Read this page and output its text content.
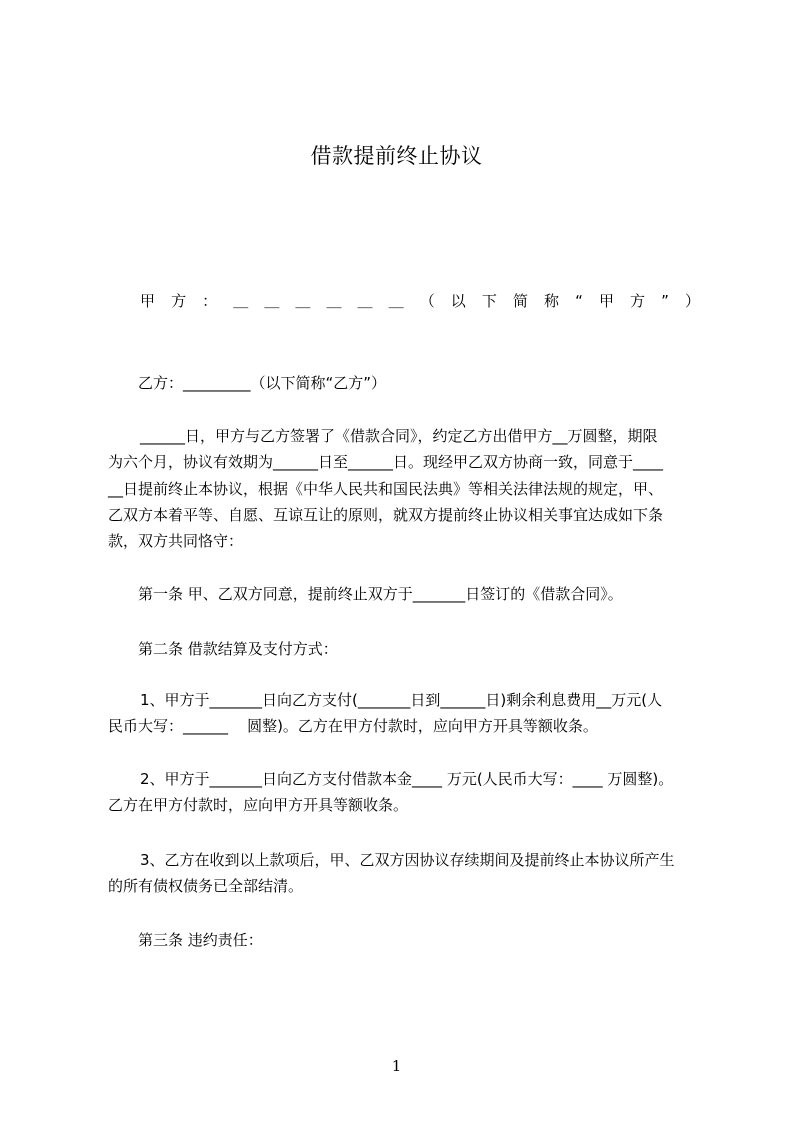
借款提前终止协议
甲 方 ： ＿ ＿ ＿ ＿ ＿ ＿ （ 以 下 简 称 “ 甲 方 ” ）
乙方：_________（以下简称“乙方”）
______日，甲方与乙方签署了《借款合同》，约定乙方出借甲方__万圆整，期限
为六个月，协议有效期为______日至______日。现经甲乙双方协商一致，同意于____
__日提前终止本协议，根据《中华人民共和国民法典》等相关法律法规的规定，甲、
乙双方本着平等、自愿、互谅互让的原则，就双方提前终止协议相关事宜达成如下条
款，双方共同恪守：
第一条 甲、乙双方同意，提前终止双方于_______日签订的《借款合同》。
第二条 借款结算及支付方式：
1、甲方于_______日向乙方支付(_______日到______日)剩余利息费用__万元(人
民币大写：______    圆整)。乙方在甲方付款时，应向甲方开具等额收条。
2、甲方于_______日向乙方支付借款本金____ 万元(人民币大写：____ 万圆整)。
乙方在甲方付款时，应向甲方开具等额收条。
3、乙方在收到以上款项后，甲、乙双方因协议存续期间及提前终止本协议所产生
的所有债权债务已全部结清。
第三条 违约责任：
1
